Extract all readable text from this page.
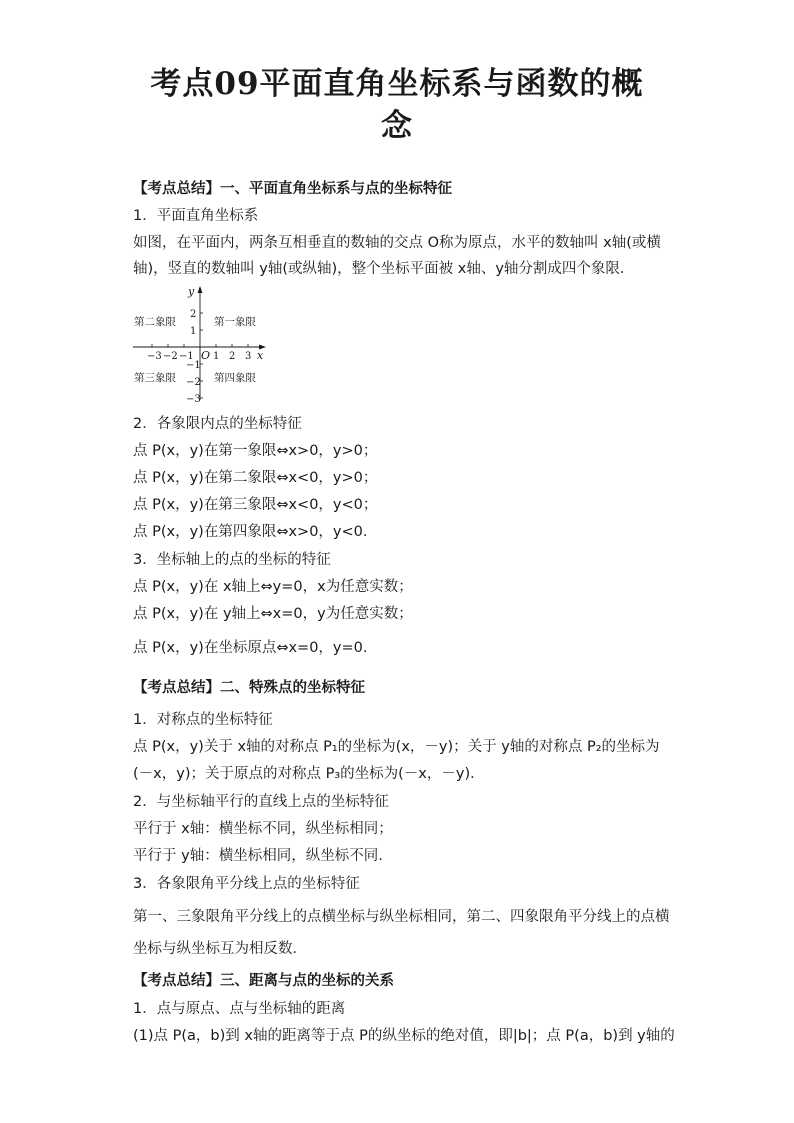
考点09平面直角坐标系与函数的概
念
【考点总结】一、平面直角坐标系与点的坐标特征
1．平面直角坐标系
如图，在平面内，两条互相垂直的数轴的交点 O称为原点，水平的数轴叫 x轴(或横
轴)，竖直的数轴叫 y轴(或纵轴)，整个坐标平面被 x轴、y轴分割成四个象限．
y
x
O
−3 −2 −1 1 2 3
2
1
−1
−2
−3
第一象限
第二象限
第三象限	第四象限
2．各象限内点的坐标特征
点 P(x，y)在第一象限⇔x>0，y>0；
点 P(x，y)在第二象限⇔x<0，y>0；
点 P(x，y)在第三象限⇔x<0，y<0；
点 P(x，y)在第四象限⇔x>0，y<0.
3．坐标轴上的点的坐标的特征
点 P(x，y)在 x轴上⇔y=0，x为任意实数；
点 P(x，y)在 y轴上⇔x=0，y为任意实数；
点 P(x，y)在坐标原点⇔x=0，y=0.
【考点总结】二、特殊点的坐标特征
1．对称点的坐标特征
点 P(x，y)关于 x轴的对称点 P₁的坐标为(x，－y)；关于 y轴的对称点 P₂的坐标为
(－x，y)；关于原点的对称点 P₃的坐标为(－x，－y)．
2．与坐标轴平行的直线上点的坐标特征
平行于 x轴：横坐标不同，纵坐标相同；
平行于 y轴：横坐标相同，纵坐标不同.
3．各象限角平分线上点的坐标特征
第一、三象限角平分线上的点横坐标与纵坐标相同，第二、四象限角平分线上的点横
坐标与纵坐标互为相反数．
【考点总结】三、距离与点的坐标的关系
1．点与原点、点与坐标轴的距离
(1)点 P(a，b)到 x轴的距离等于点 P的纵坐标的绝对值，即|b|；点 P(a，b)到 y轴的
